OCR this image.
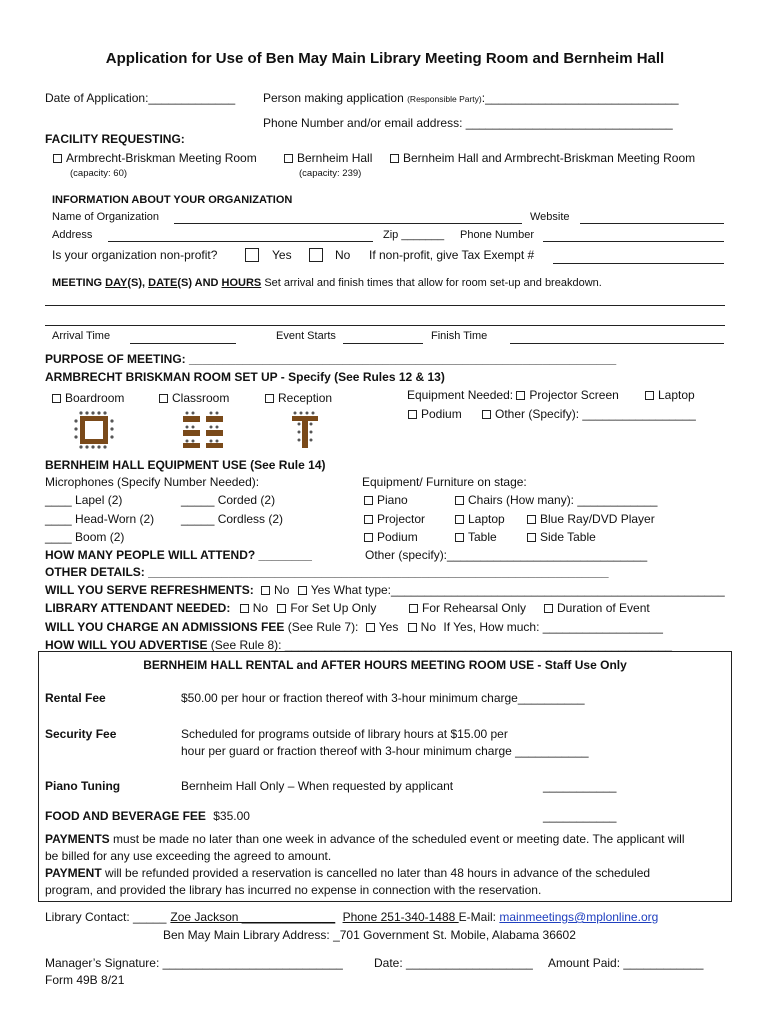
Application for Use of Ben May Main Library Meeting Room and Bernheim Hall
Date of Application:_____________ Person making application (Responsible Party):_____________________________
Phone Number and/or email address: _______________________________
FACILITY REQUESTING:
Armbrecht-Briskman Meeting Room	Bernheim Hall	Bernheim Hall and Armbrecht-Briskman Meeting Room
(capacity: 60)	(capacity: 239)
INFORMATION ABOUT YOUR ORGANIZATION
Name of Organization	Website
Address	Zip _______ Phone Number
Is your organization non-profit?	Yes	No If non-profit, give Tax Exempt #
MEETING DAY(S), DATE(S) AND HOURS Set arrival and finish times that allow for room set-up and breakdown.
Arrival Time	Event Starts	Finish Time
PURPOSE OF MEETING: ________________________________________________________________
ARMBRECHT BRISKMAN ROOM SET UP - Specify (See Rules 12 & 13)
Boardroom	Classroom	Reception	Equipment Needed: Projector Screen	Laptop
Podium	Other (Specify): _________________
BERNHEIM HALL EQUIPMENT USE (See Rule 14)
Microphones (Specify Number Needed):
____ Lapel (2)	_____ Corded (2)
____ Head-Worn (2) _____ Cordless (2)
____ Boom (2)
Equipment/ Furniture on stage:
Piano	Chairs (How many): ____________
Projector	Laptop	Blue Ray/DVD Player
Podium	Table	Side Table
Other (specify):______________________________
HOW MANY PEOPLE WILL ATTEND? ________
OTHER DETAILS: _____________________________________________________________________
WILL YOU SERVE REFRESHMENTS: No Yes What type:__________________________________________________
LIBRARY ATTENDANT NEEDED: No For Set Up Only	For Rehearsal Only	Duration of Event
WILL YOU CHARGE AN ADMISSIONS FEE (See Rule 7): Yes No If Yes, How much: __________________
HOW WILL YOU ADVERTISE (See Rule 8): __________________________________________________________
BERNHEIM HALL RENTAL and AFTER HOURS MEETING ROOM USE - Staff Use Only
Rental Fee	$50.00 per hour or fraction thereof with 3-hour minimum charge__________
Security Fee	Scheduled for programs outside of library hours at $15.00 per
hour per guard or fraction thereof with 3-hour minimum charge ___________
Piano Tuning	Bernheim Hall Only – When requested by applicant	___________
FOOD AND BEVERAGE FEE $35.00	___________
PAYMENTS must be made no later than one week in advance of the scheduled event or meeting date. The applicant will
be billed for any use exceeding the agreed to amount.
PAYMENT will be refunded provided a reservation is cancelled no later than 48 hours in advance of the scheduled
program, and provided the library has incurred no expense in connection with the reservation.
Library Contact: _____ Zoe Jackson ______________ Phone 251-340-1488 E-Mail: mainmeetings@mplonline.org
Ben May Main Library Address: _701 Government St. Mobile, Alabama 36602
Manager’s Signature: ___________________________	Date: ___________________ Amount Paid: ____________
Form 49B 8/21
